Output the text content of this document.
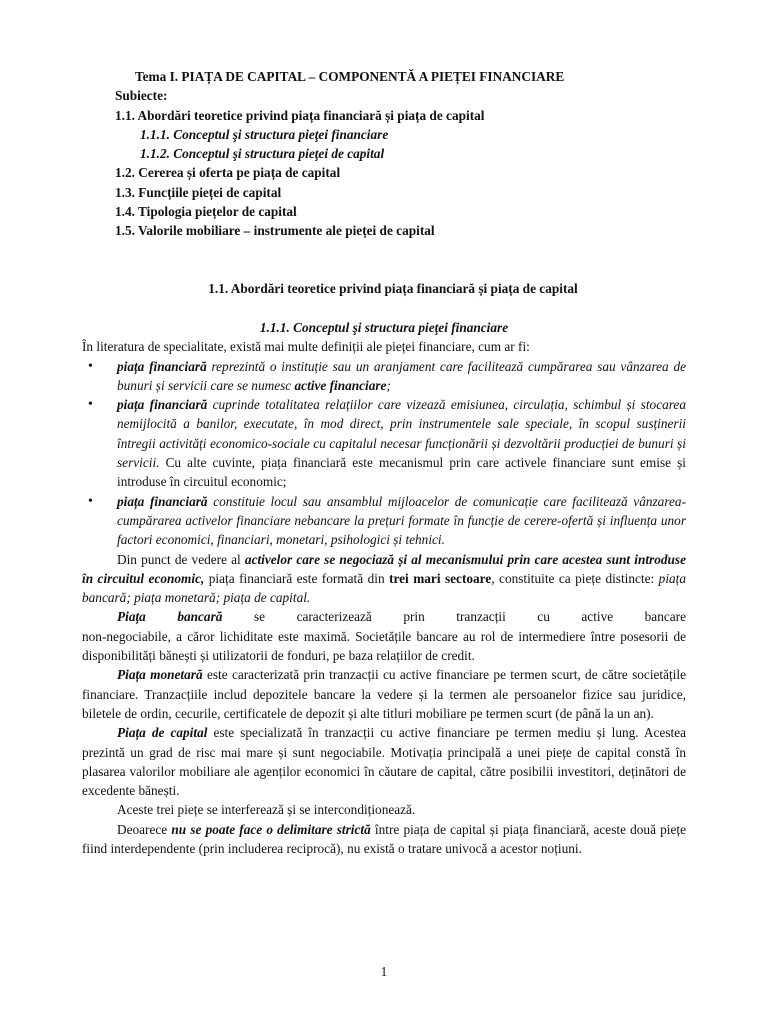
Tema I. PIAȚA DE CAPITAL – COMPONENTĂ A PIEȚEI FINANCIARE

Subiecte:
1.1. Abordări teoretice privind piața financiară și piața de capital
1.1.1. Conceptul şi structura pieţei financiare
1.1.2. Conceptul şi structura pieţei de capital
1.2. Cererea și oferta pe piața de capital
1.3. Funcțiile pieței de capital
1.4. Tipologia piețelor de capital
1.5. Valorile mobiliare – instrumente ale pieței de capital

1.1. Abordări teoretice privind piața financiară și piața de capital

1.1.1. Conceptul şi structura pieţei financiare

În literatura de specialitate, există mai multe definiții ale pieței financiare, cum ar fi:

• piața financiară reprezintă o instituție sau un aranjament care facilitează cumpărarea sau vânzarea de bunuri și servicii care se numesc active financiare;
• piața financiară cuprinde totalitatea relațiilor care vizează emisiunea, circulația, schimbul și stocarea nemijlocită a banilor, executate, în mod direct, prin instrumentele sale speciale, în scopul susținerii întregii activități economico-sociale cu capitalul necesar funcționării și dezvoltării producției de bunuri și servicii. Cu alte cuvinte, piața financiară este mecanismul prin care activele financiare sunt emise și introduse în circuitul economic;
• piața financiară constituie locul sau ansamblul mijloacelor de comunicație care facilitează vânzarea-cumpărarea activelor financiare nebancare la prețuri formate în funcție de cerere-ofertă și influența unor factori economici, financiari, monetari, psihologici și tehnici.

Din punct de vedere al activelor care se negociază și al mecanismului prin care acestea sunt introduse în circuitul economic, piața financiară este formată din trei mari sectoare, constituite ca piețe distincte: piața bancară; piața monetară; piața de capital.

Piața bancară se caracterizează prin tranzacții cu active bancare

non-negociabile, a căror lichiditate este maximă. Societățile bancare au rol de intermediere între posesorii de disponibilități bănești și utilizatorii de fonduri, pe baza relațiilor de credit.

Piața monetară este caracterizată prin tranzacții cu active financiare pe termen scurt, de către societățile financiare. Tranzacțiile includ depozitele bancare la vedere și la termen ale persoanelor fizice sau juridice, biletele de ordin, cecurile, certificatele de depozit și alte titluri mobiliare pe termen scurt (de până la un an).

Piața de capital este specializată în tranzacții cu active financiare pe termen mediu și lung. Acestea prezintă un grad de risc mai mare și sunt negociabile. Motivația principală a unei piețe de capital constă în plasarea valorilor mobiliare ale agenților economici în căutare de capital, către posibilii investitori, deținători de excedente bănești.

Aceste trei piețe se interferează și se intercondiționează.

Deoarece nu se poate face o delimitare strictă între piața de capital și piața financiară, aceste două piețe fiind interdependente (prin includerea reciprocă), nu există o tratare univocă a acestor noțiuni.

1
